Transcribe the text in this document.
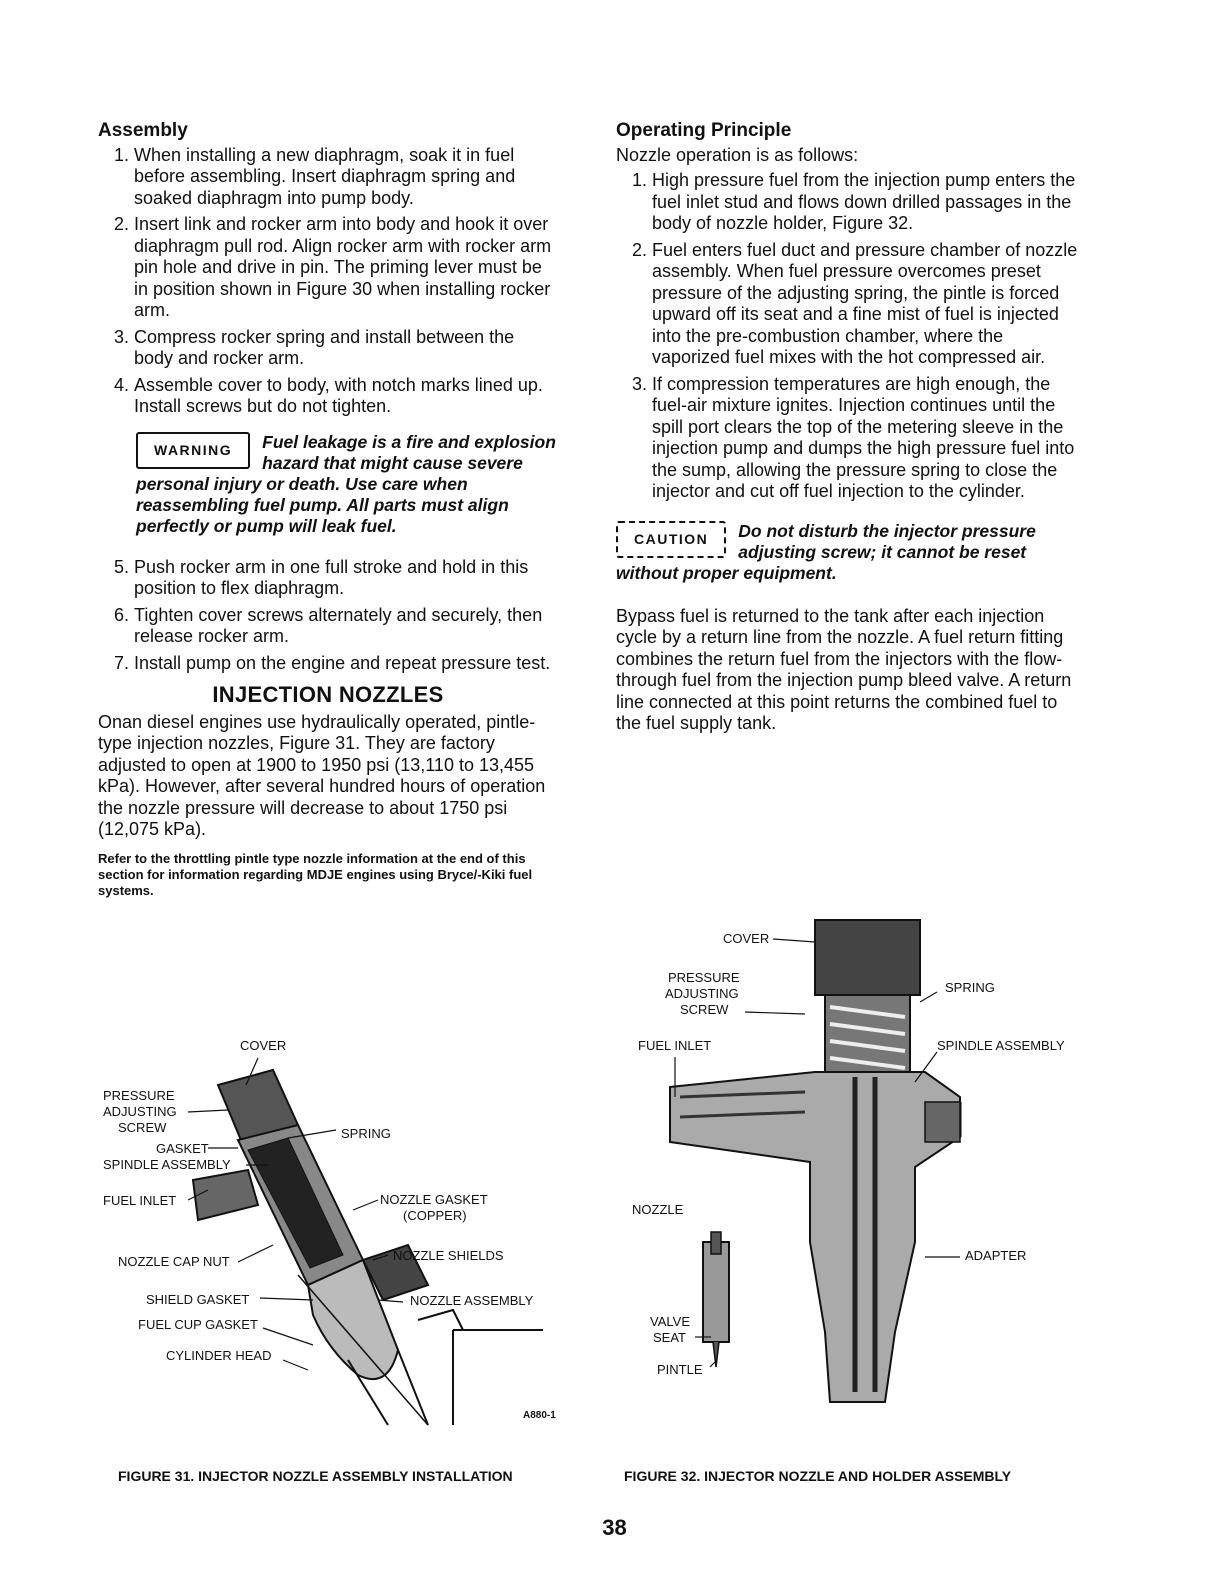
Assembly
1. When installing a new diaphragm, soak it in fuel before assembling. Insert diaphragm spring and soaked diaphragm into pump body.
2. Insert link and rocker arm into body and hook it over diaphragm pull rod. Align rocker arm with rocker arm pin hole and drive in pin. The priming lever must be in position shown in Figure 30 when installing rocker arm.
3. Compress rocker spring and install between the body and rocker arm.
4. Assemble cover to body, with notch marks lined up. Install screws but do not tighten.
WARNING	Fuel leakage is a fire and explosion hazard that might cause severe personal injury or death. Use care when reassembling fuel pump. All parts must align perfectly or pump will leak fuel.
5. Push rocker arm in one full stroke and hold in this position to flex diaphragm.
6. Tighten cover screws alternately and securely, then release rocker arm.
7. Install pump on the engine and repeat pressure test.
INJECTION NOZZLES

Onan diesel engines use hydraulically operated, pintle-type injection nozzles, Figure 31. They are factory adjusted to open at 1900 to 1950 psi (13,110 to 13,455 kPa). However, after several hundred hours of operation the nozzle pressure will decrease to about 1750 psi (12,075 kPa).

Refer to the throttling pintle type nozzle information at the end of this section for information regarding MDJE engines using Bryce/-Kiki fuel systems.

Operating Principle

Nozzle operation is as follows:

1. High pressure fuel from the injection pump enters the fuel inlet stud and flows down drilled passages in the body of nozzle holder, Figure 32.
2. Fuel enters fuel duct and pressure chamber of nozzle assembly. When fuel pressure overcomes preset pressure of the adjusting spring, the pintle is forced upward off its seat and a fine mist of fuel is injected into the pre-combustion chamber, where the vaporized fuel mixes with the hot compressed air.
3. If compression temperatures are high enough, the fuel-air mixture ignites. Injection continues until the spill port clears the top of the metering sleeve in the injection pump and dumps the high pressure fuel into the sump, allowing the pressure spring to close the injector and cut off fuel injection to the cylinder.
CAUTION	Do not disturb the injector pressure adjusting screw; it cannot be reset without proper equipment.

Bypass fuel is returned to the tank after each injection cycle by a return line from the nozzle. A fuel return fitting combines the return fuel from the injectors with the flow-through fuel from the injection pump bleed valve. A return line connected at this point returns the combined fuel to the fuel supply tank.

COVER
PRESSURE
ADJUSTING
SCREW
GASKET
SPINDLE ASSEMBLY
FUEL INLET
NOZZLE CAP NUT
SHIELD GASKET
FUEL CUP GASKET
CYLINDER HEAD
SPRING
NOZZLE GASKET
(COPPER)
NOZZLE SHIELDS
NOZZLE ASSEMBLY
A880-1
FIGURE 31. INJECTOR NOZZLE ASSEMBLY INSTALLATION
COVER
PRESSURE
ADJUSTING
SCREW
FUEL INLET
SPRING
SPINDLE ASSEMBLY
NOZZLE
ADAPTER
VALVE
SEAT
PINTLE
FIGURE 32. INJECTOR NOZZLE AND HOLDER ASSEMBLY
38
